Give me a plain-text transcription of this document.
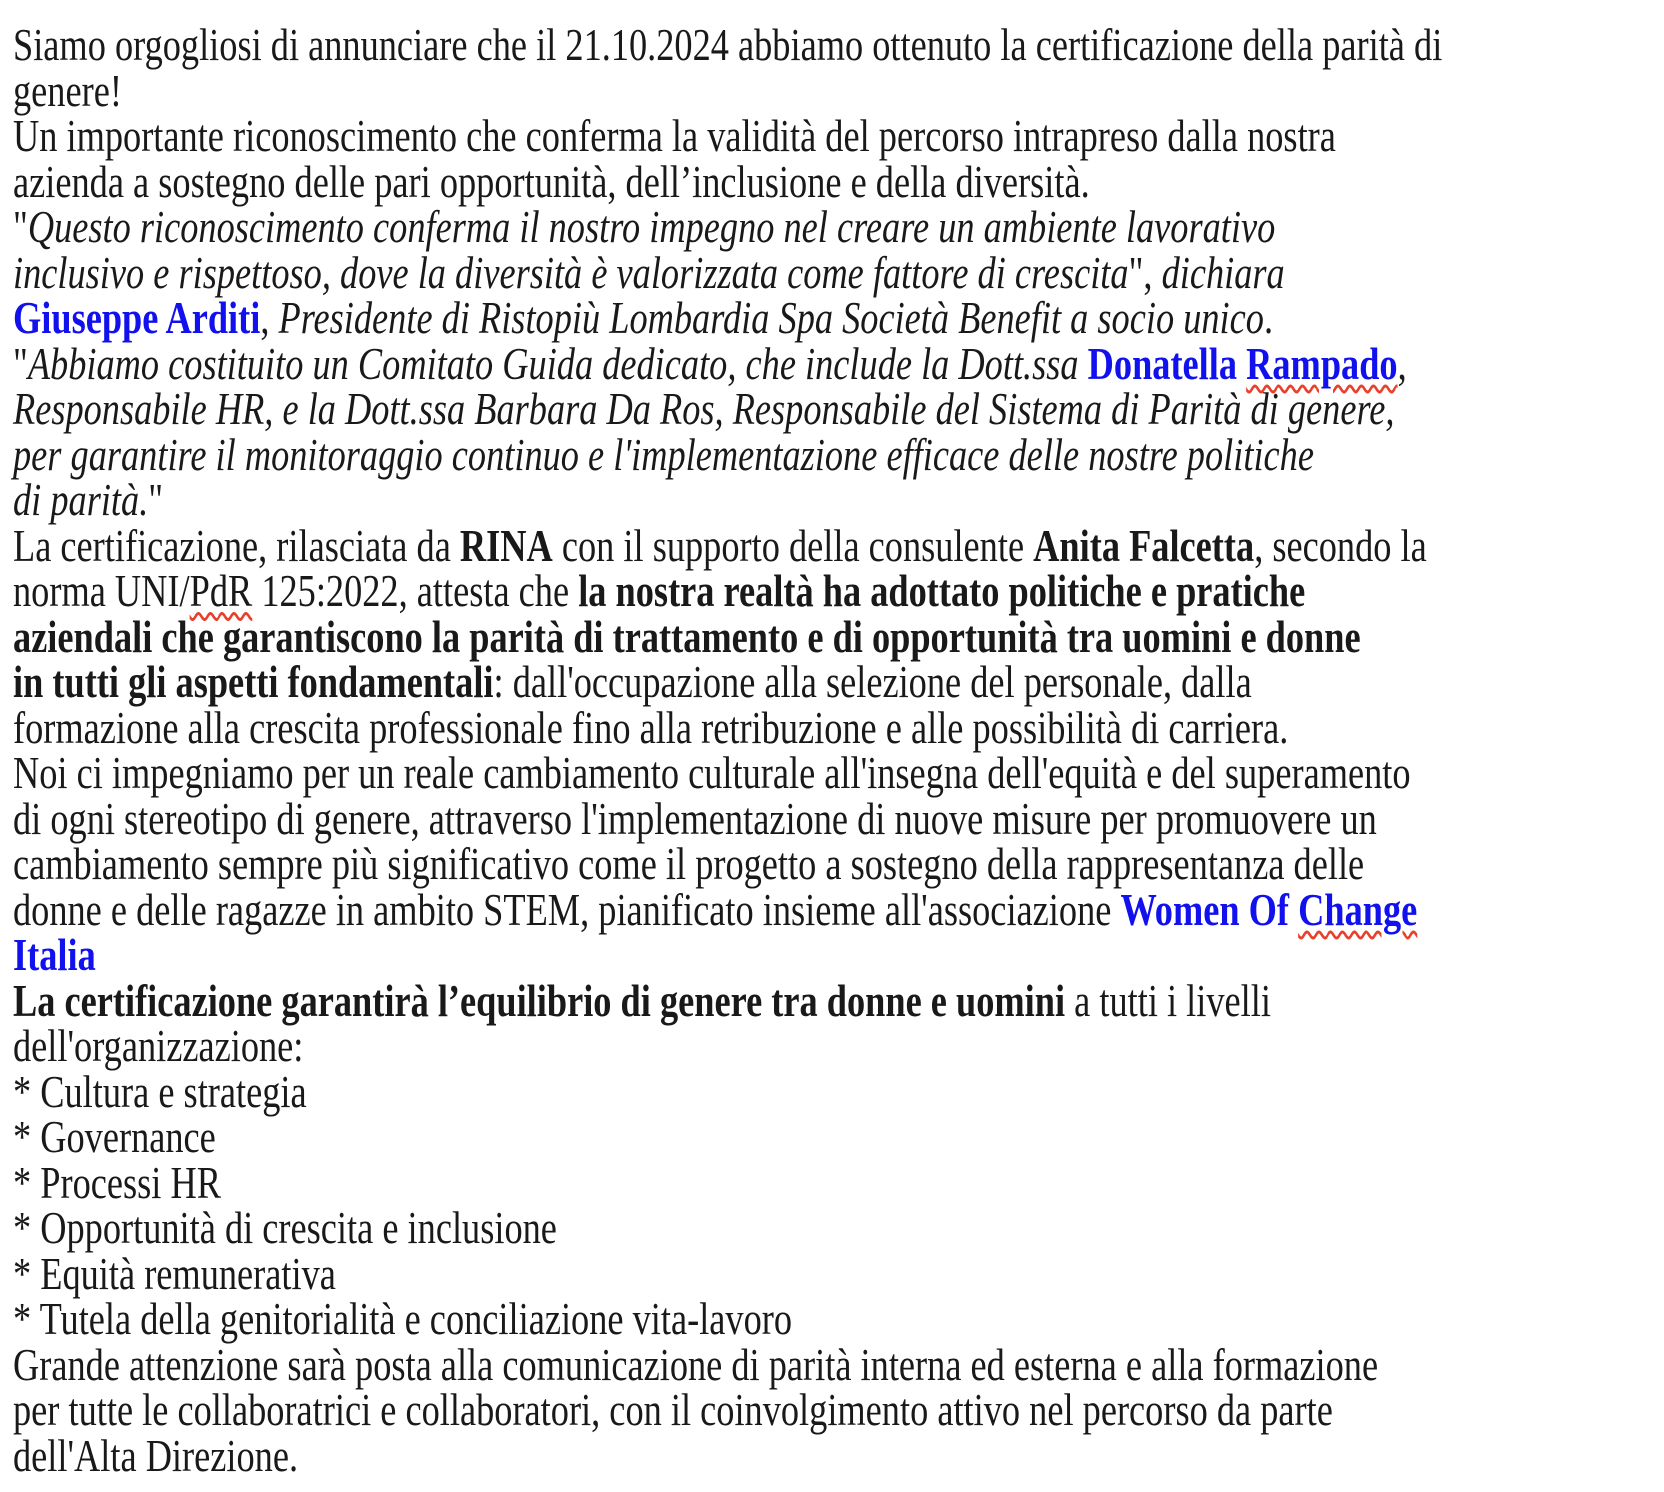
Siamo orgogliosi di annunciare che il 21.10.2024 abbiamo ottenuto la certificazione della parità di
genere!
Un importante riconoscimento che conferma la validità del percorso intrapreso dalla nostra
azienda a sostegno delle pari opportunità, dell’inclusione e della diversità.
"Questo riconoscimento conferma il nostro impegno nel creare un ambiente lavorativo
inclusivo e rispettoso, dove la diversità è valorizzata come fattore di crescita", dichiara
Giuseppe Arditi, Presidente di Ristopiù Lombardia Spa Società Benefit a socio unico.
"Abbiamo costituito un Comitato Guida dedicato, che include la Dott.ssa Donatella Rampado,
Responsabile HR, e la Dott.ssa Barbara Da Ros, Responsabile del Sistema di Parità di genere,
per garantire il monitoraggio continuo e l'implementazione efficace delle nostre politiche
di parità."
La certificazione, rilasciata da RINA con il supporto della consulente Anita Falcetta, secondo la
norma UNI/PdR 125:2022, attesta che la nostra realtà ha adottato politiche e pratiche
aziendali che garantiscono la parità di trattamento e di opportunità tra uomini e donne
in tutti gli aspetti fondamentali: dall'occupazione alla selezione del personale, dalla
formazione alla crescita professionale fino alla retribuzione e alle possibilità di carriera.
Noi ci impegniamo per un reale cambiamento culturale all'insegna dell'equità e del superamento
di ogni stereotipo di genere, attraverso l'implementazione di nuove misure per promuovere un
cambiamento sempre più significativo come il progetto a sostegno della rappresentanza delle
donne e delle ragazze in ambito STEM, pianificato insieme all'associazione Women Of Change
Italia
La certificazione garantirà l’equilibrio di genere tra donne e uomini a tutti i livelli
dell'organizzazione:
* Cultura e strategia
* Governance
* Processi HR
* Opportunità di crescita e inclusione
* Equità remunerativa
* Tutela della genitorialità e conciliazione vita-lavoro
Grande attenzione sarà posta alla comunicazione di parità interna ed esterna e alla formazione
per tutte le collaboratrici e collaboratori, con il coinvolgimento attivo nel percorso da parte
dell'Alta Direzione.
